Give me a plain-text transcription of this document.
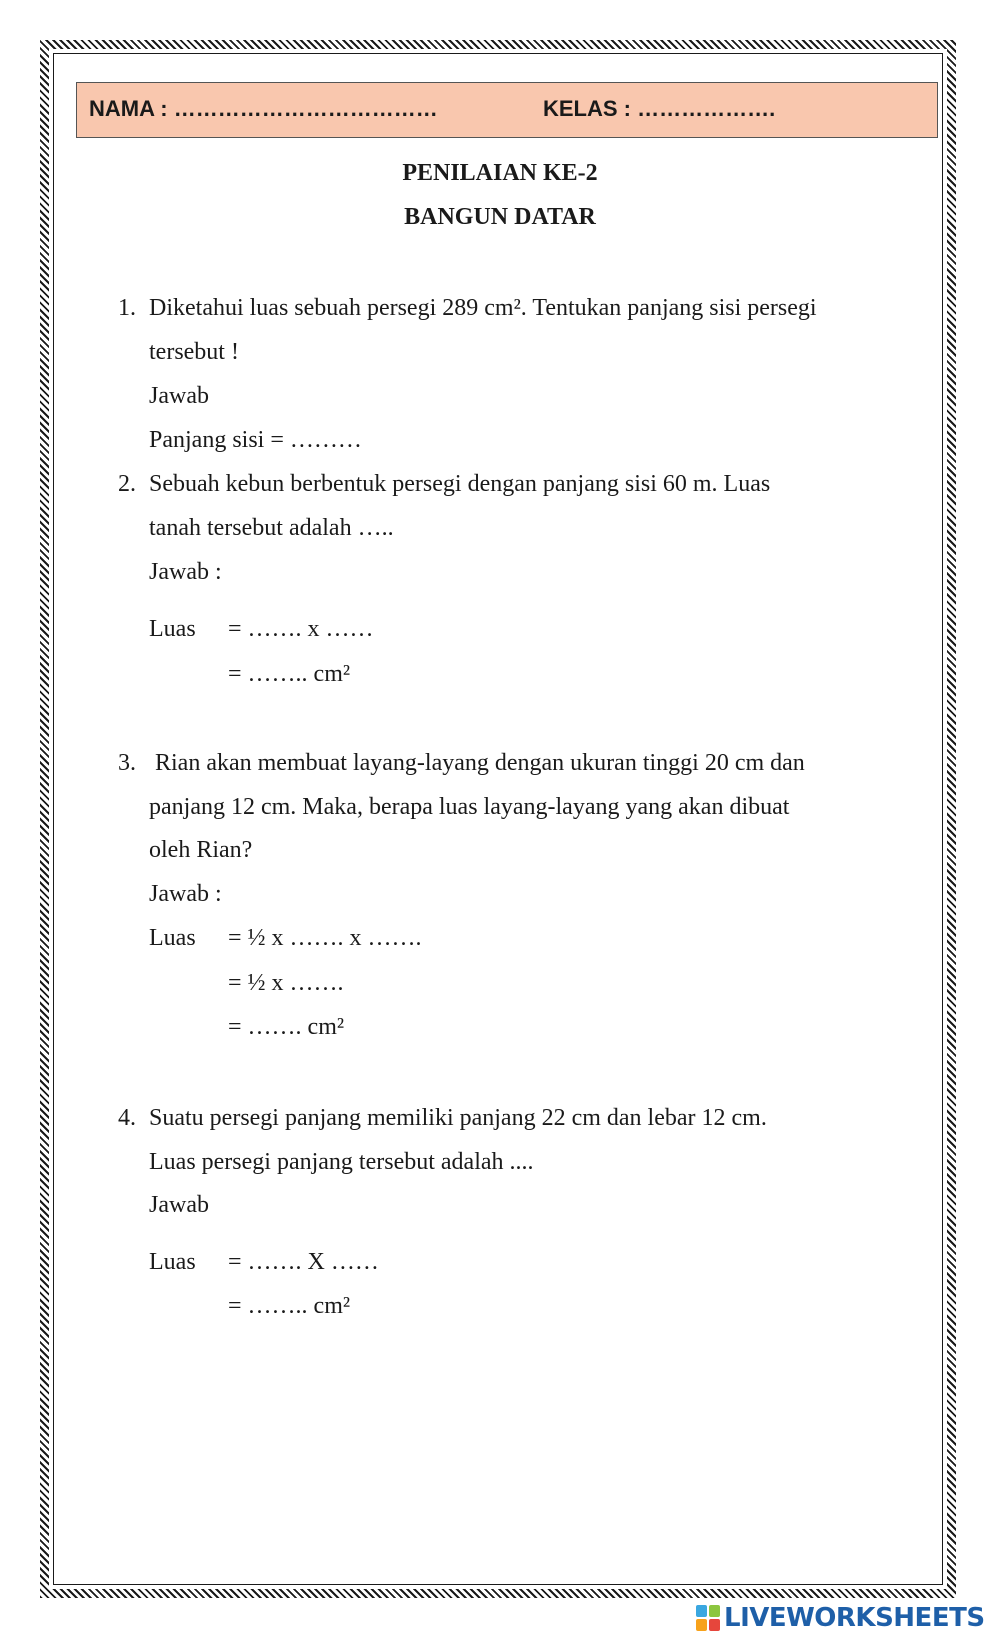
NAMA : ………………………………	KELAS : ……………….
PENILAIAN KE-2
BANGUN DATAR
1. Diketahui luas sebuah persegi 289 cm². Tentukan panjang sisi persegi
tersebut !
Jawab
Panjang sisi = ………
2. Sebuah kebun berbentuk persegi dengan panjang sisi 60 m. Luas
tanah tersebut adalah …..
Jawab :
Luas = ……. x ……
= …….. cm²
3. Rian akan membuat layang-layang dengan ukuran tinggi 20 cm dan
panjang 12 cm. Maka, berapa luas layang-layang yang akan dibuat
oleh Rian?
Jawab :
Luas = ½ x ……. x …….
= ½ x …….
= ……. cm²
4. Suatu persegi panjang memiliki panjang 22 cm dan lebar 12 cm.
Luas persegi panjang tersebut adalah ....
Jawab
Luas = ……. X ……
= …….. cm²
LIVEWORKSHEETS
